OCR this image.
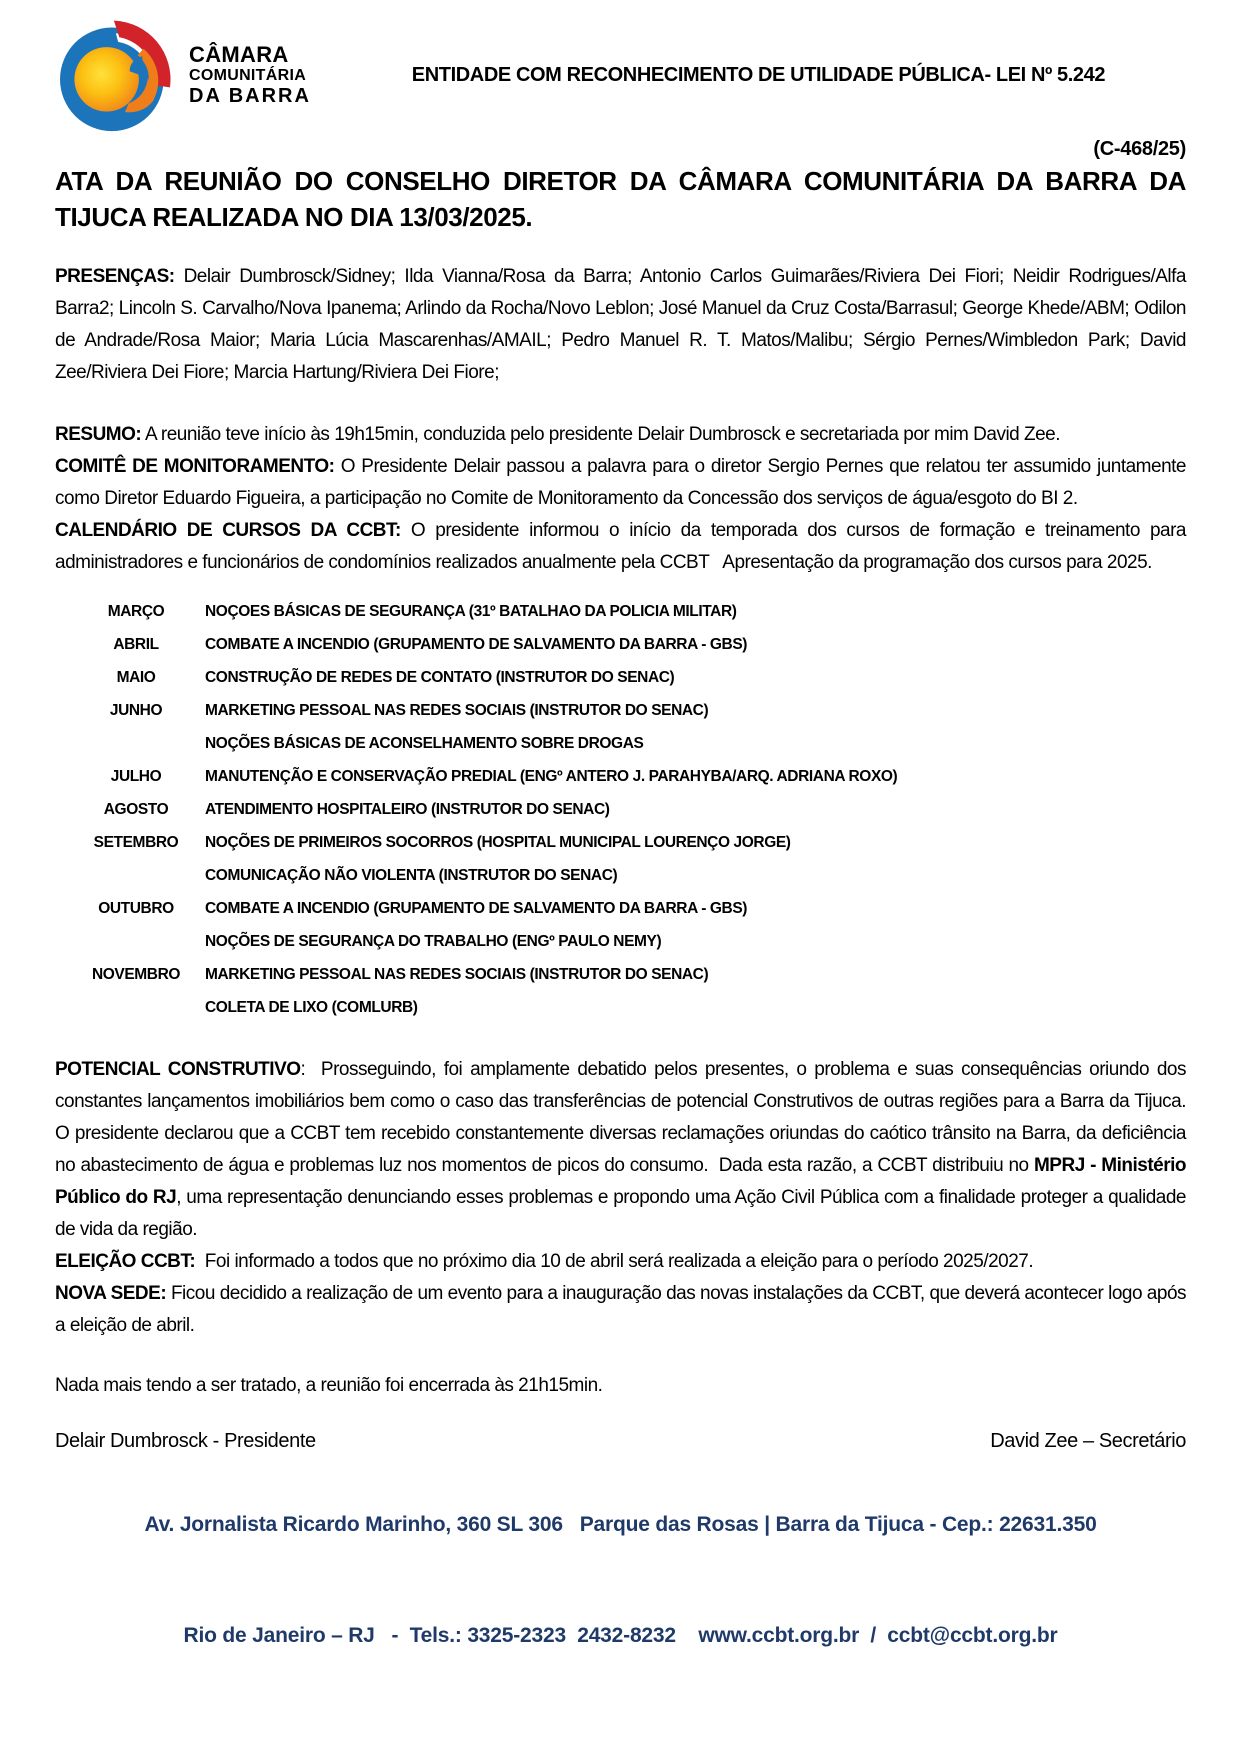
CÂMARA
COMUNITÁRIA
DA BARRA
ENTIDADE COM RECONHECIMENTO DE UTILIDADE PÚBLICA- LEI Nº 5.242
(C-468/25)
ATA DA REUNIÃO DO CONSELHO DIRETOR DA CÂMARA COMUNITÁRIA DA BARRA DA TIJUCA REALIZADA NO DIA 13/03/2025.

PRESENÇAS: Delair Dumbrosck/Sidney; Ilda Vianna/Rosa da Barra; Antonio Carlos Guimarães/Riviera Dei Fiori; Neidir Rodrigues/Alfa Barra2; Lincoln S. Carvalho/Nova Ipanema; Arlindo da Rocha/Novo Leblon; José Manuel da Cruz Costa/Barrasul; George Khede/ABM; Odilon de Andrade/Rosa Maior; Maria Lúcia Mascarenhas/AMAIL; Pedro Manuel R. T. Matos/Malibu; Sérgio Pernes/Wimbledon Park; David Zee/Riviera Dei Fiore; Marcia Hartung/Riviera Dei Fiore;

RESUMO: A reunião teve início às 19h15min, conduzida pelo presidente Delair Dumbrosck e secretariada por mim David Zee.

COMITÊ DE MONITORAMENTO: O Presidente Delair passou a palavra para o diretor Sergio Pernes que relatou ter assumido juntamente como Diretor Eduardo Figueira, a participação no Comite de Monitoramento da Concessão dos serviços de água/esgoto do BI 2.

CALENDÁRIO DE CURSOS DA CCBT: O presidente informou o início da temporada dos cursos de formação e treinamento para administradores e funcionários de condomínios realizados anualmente pela CCBT   Apresentação da programação dos cursos para 2025.

MARÇO	NOÇOES BÁSICAS DE SEGURANÇA (31º BATALHAO DA POLICIA MILITAR)
ABRIL	COMBATE A INCENDIO (GRUPAMENTO DE SALVAMENTO DA BARRA - GBS)
MAIO	CONSTRUÇÃO DE REDES DE CONTATO (INSTRUTOR DO SENAC)
JUNHO	MARKETING PESSOAL NAS REDES SOCIAIS (INSTRUTOR DO SENAC)
NOÇÕES BÁSICAS DE ACONSELHAMENTO SOBRE DROGAS
JULHO	MANUTENÇÃO E CONSERVAÇÃO PREDIAL (ENGº ANTERO J. PARAHYBA/ARQ. ADRIANA ROXO)
AGOSTO	ATENDIMENTO HOSPITALEIRO (INSTRUTOR DO SENAC)
SETEMBRO	NOÇÕES DE PRIMEIROS SOCORROS (HOSPITAL MUNICIPAL LOURENÇO JORGE)
COMUNICAÇÃO NÃO VIOLENTA (INSTRUTOR DO SENAC)
OUTUBRO	COMBATE A INCENDIO (GRUPAMENTO DE SALVAMENTO DA BARRA - GBS)
NOÇÕES DE SEGURANÇA DO TRABALHO (ENGº PAULO NEMY)
NOVEMBRO	MARKETING PESSOAL NAS REDES SOCIAIS (INSTRUTOR DO SENAC)
COLETA DE LIXO (COMLURB)

POTENCIAL CONSTRUTIVO:  Prosseguindo, foi amplamente debatido pelos presentes, o problema e suas consequências oriundo dos constantes lançamentos imobiliários bem como o caso das transferências de potencial Construtivos de outras regiões para a Barra da Tijuca.  O presidente declarou que a CCBT tem recebido constantemente diversas reclamações oriundas do caótico trânsito na Barra, da deficiência no abastecimento de água e problemas luz nos momentos de picos do consumo.  Dada esta razão, a CCBT distribuiu no MPRJ - Ministério Público do RJ, uma representação denunciando esses problemas e propondo uma Ação Civil Pública com a finalidade proteger a qualidade de vida da região.

ELEIÇÃO CCBT:  Foi informado a todos que no próximo dia 10 de abril será realizada a eleição para o período 2025/2027.

NOVA SEDE: Ficou decidido a realização de um evento para a inauguração das novas instalações da CCBT, que deverá acontecer logo após a eleição de abril.

Nada mais tendo a ser tratado, a reunião foi encerrada às 21h15min.

Delair Dumbrosck - Presidente	David Zee – Secretário

Av. Jornalista Ricardo Marinho, 360 SL 306   Parque das Rosas | Barra da Tijuca - Cep.: 22631.350

Rio de Janeiro – RJ   -  Tels.: 3325-2323  2432-8232    www.ccbt.org.br  /  ccbt@ccbt.org.br
